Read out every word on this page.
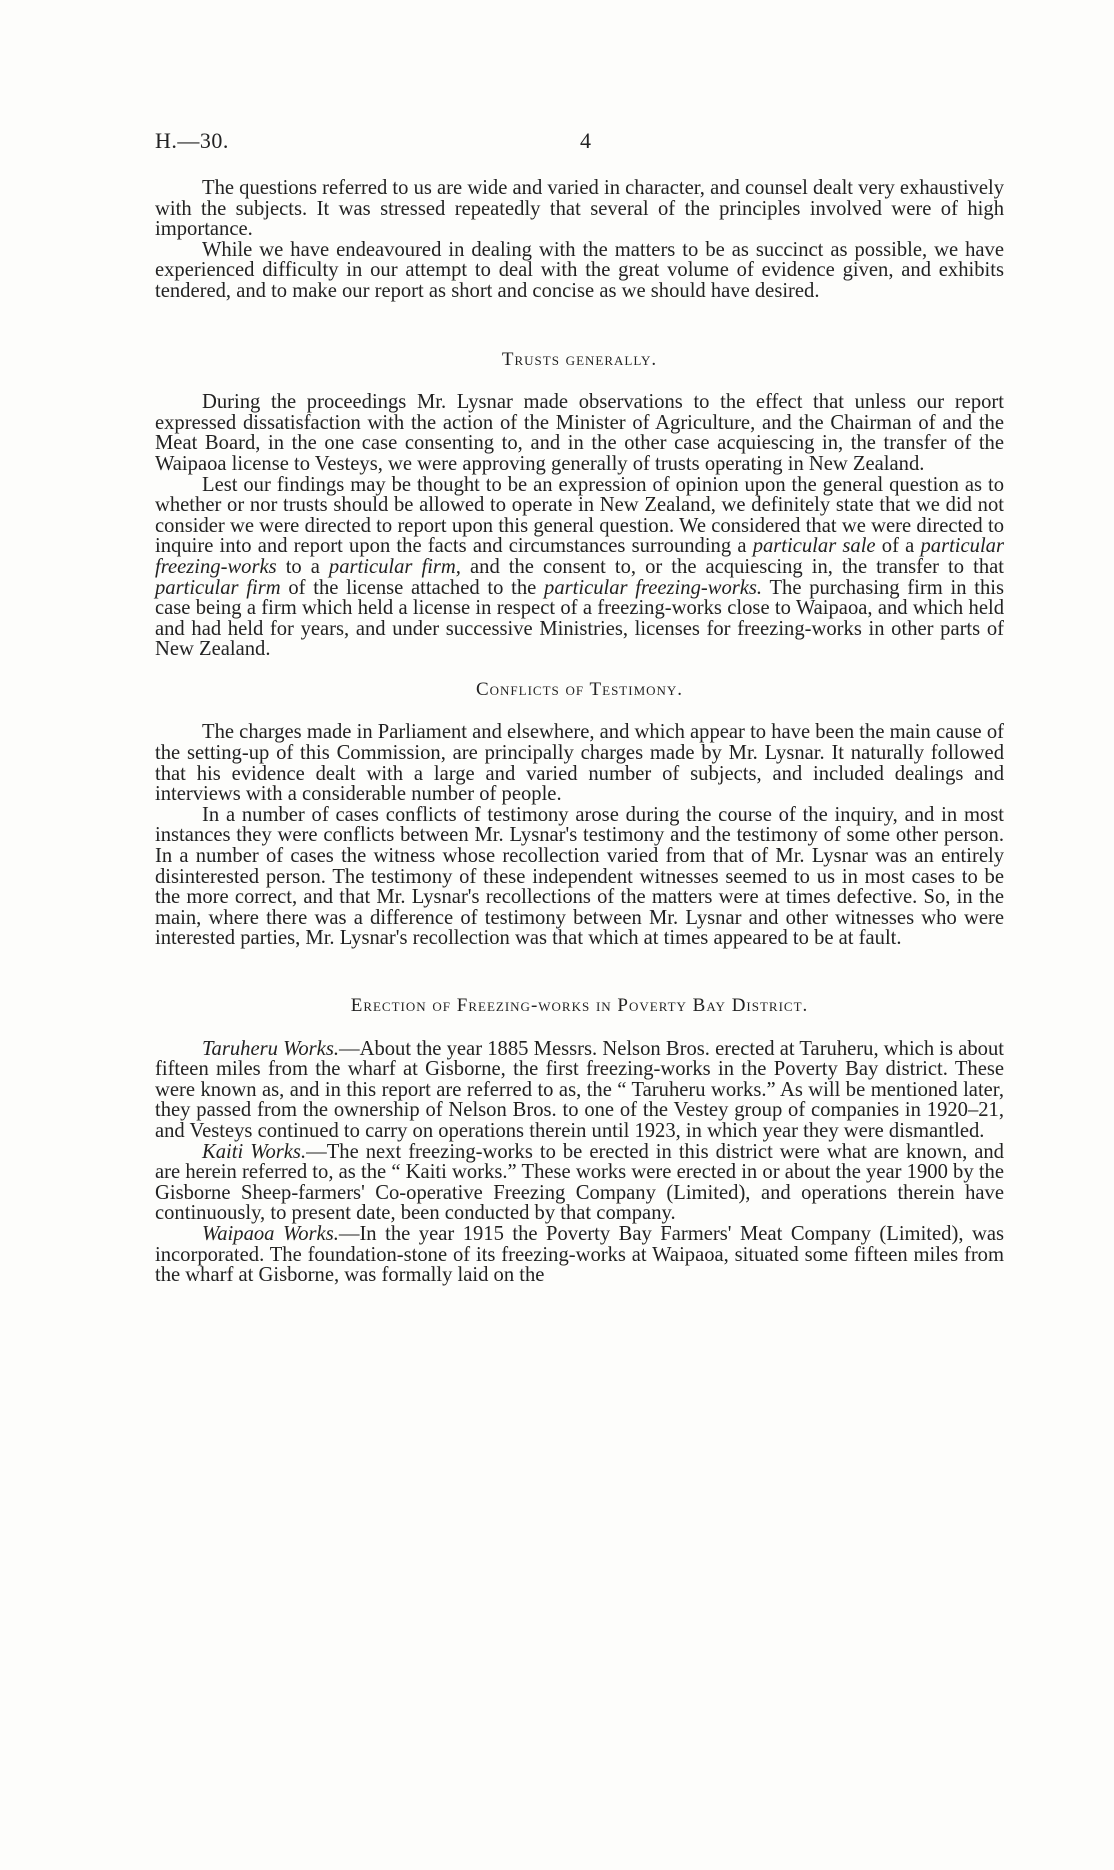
H.—30.	4

The questions referred to us are wide and varied in character, and counsel dealt very exhaustively with the subjects. It was stressed repeatedly that several of the principles involved were of high importance.

While we have endeavoured in dealing with the matters to be as succinct as possible, we have experienced difficulty in our attempt to deal with the great volume of evidence given, and exhibits tendered, and to make our report as short and concise as we should have desired.

Trusts generally.

During the proceedings Mr. Lysnar made observations to the effect that unless our report expressed dissatisfaction with the action of the Minister of Agriculture, and the Chairman of and the Meat Board, in the one case consenting to, and in the other case acquiescing in, the transfer of the Waipaoa license to Vesteys, we were approving generally of trusts operating in New Zealand.

Lest our findings may be thought to be an expression of opinion upon the general question as to whether or nor trusts should be allowed to operate in New Zealand, we definitely state that we did not consider we were directed to report upon this general question. We considered that we were directed to inquire into and report upon the facts and circumstances surrounding a particular sale of a particular freezing-works to a particular firm, and the consent to, or the acquiescing in, the transfer to that particular firm of the license attached to the particular freezing-works. The purchasing firm in this case being a firm which held a license in respect of a freezing-works close to Waipaoa, and which held and had held for years, and under successive Ministries, licenses for freezing-works in other parts of New Zealand.

Conflicts of Testimony.

The charges made in Parliament and elsewhere, and which appear to have been the main cause of the setting-up of this Commission, are principally charges made by Mr. Lysnar. It naturally followed that his evidence dealt with a large and varied number of subjects, and included dealings and interviews with a considerable number of people.

In a number of cases conflicts of testimony arose during the course of the inquiry, and in most instances they were conflicts between Mr. Lysnar's testimony and the testimony of some other person. In a number of cases the witness whose recollection varied from that of Mr. Lysnar was an entirely disinterested person. The testimony of these independent witnesses seemed to us in most cases to be the more correct, and that Mr. Lysnar's recollections of the matters were at times defective. So, in the main, where there was a difference of testimony between Mr. Lysnar and other witnesses who were interested parties, Mr. Lysnar's recollection was that which at times appeared to be at fault.

Erection of Freezing-works in Poverty Bay District.

Taruheru Works.—About the year 1885 Messrs. Nelson Bros. erected at Taruheru, which is about fifteen miles from the wharf at Gisborne, the first freezing-works in the Poverty Bay district. These were known as, and in this report are referred to as, the “ Taruheru works.” As will be mentioned later, they passed from the ownership of Nelson Bros. to one of the Vestey group of companies in 1920–21, and Vesteys continued to carry on operations therein until 1923, in which year they were dismantled.

Kaiti Works.—The next freezing-works to be erected in this district were what are known, and are herein referred to, as the “ Kaiti works.” These works were erected in or about the year 1900 by the Gisborne Sheep-farmers' Co-operative Freezing Company (Limited), and operations therein have continuously, to present date, been conducted by that company.

Waipaoa Works.—In the year 1915 the Poverty Bay Farmers' Meat Company (Limited), was incorporated. The foundation-stone of its freezing-works at Waipaoa, situated some fifteen miles from the wharf at Gisborne, was formally laid on the
